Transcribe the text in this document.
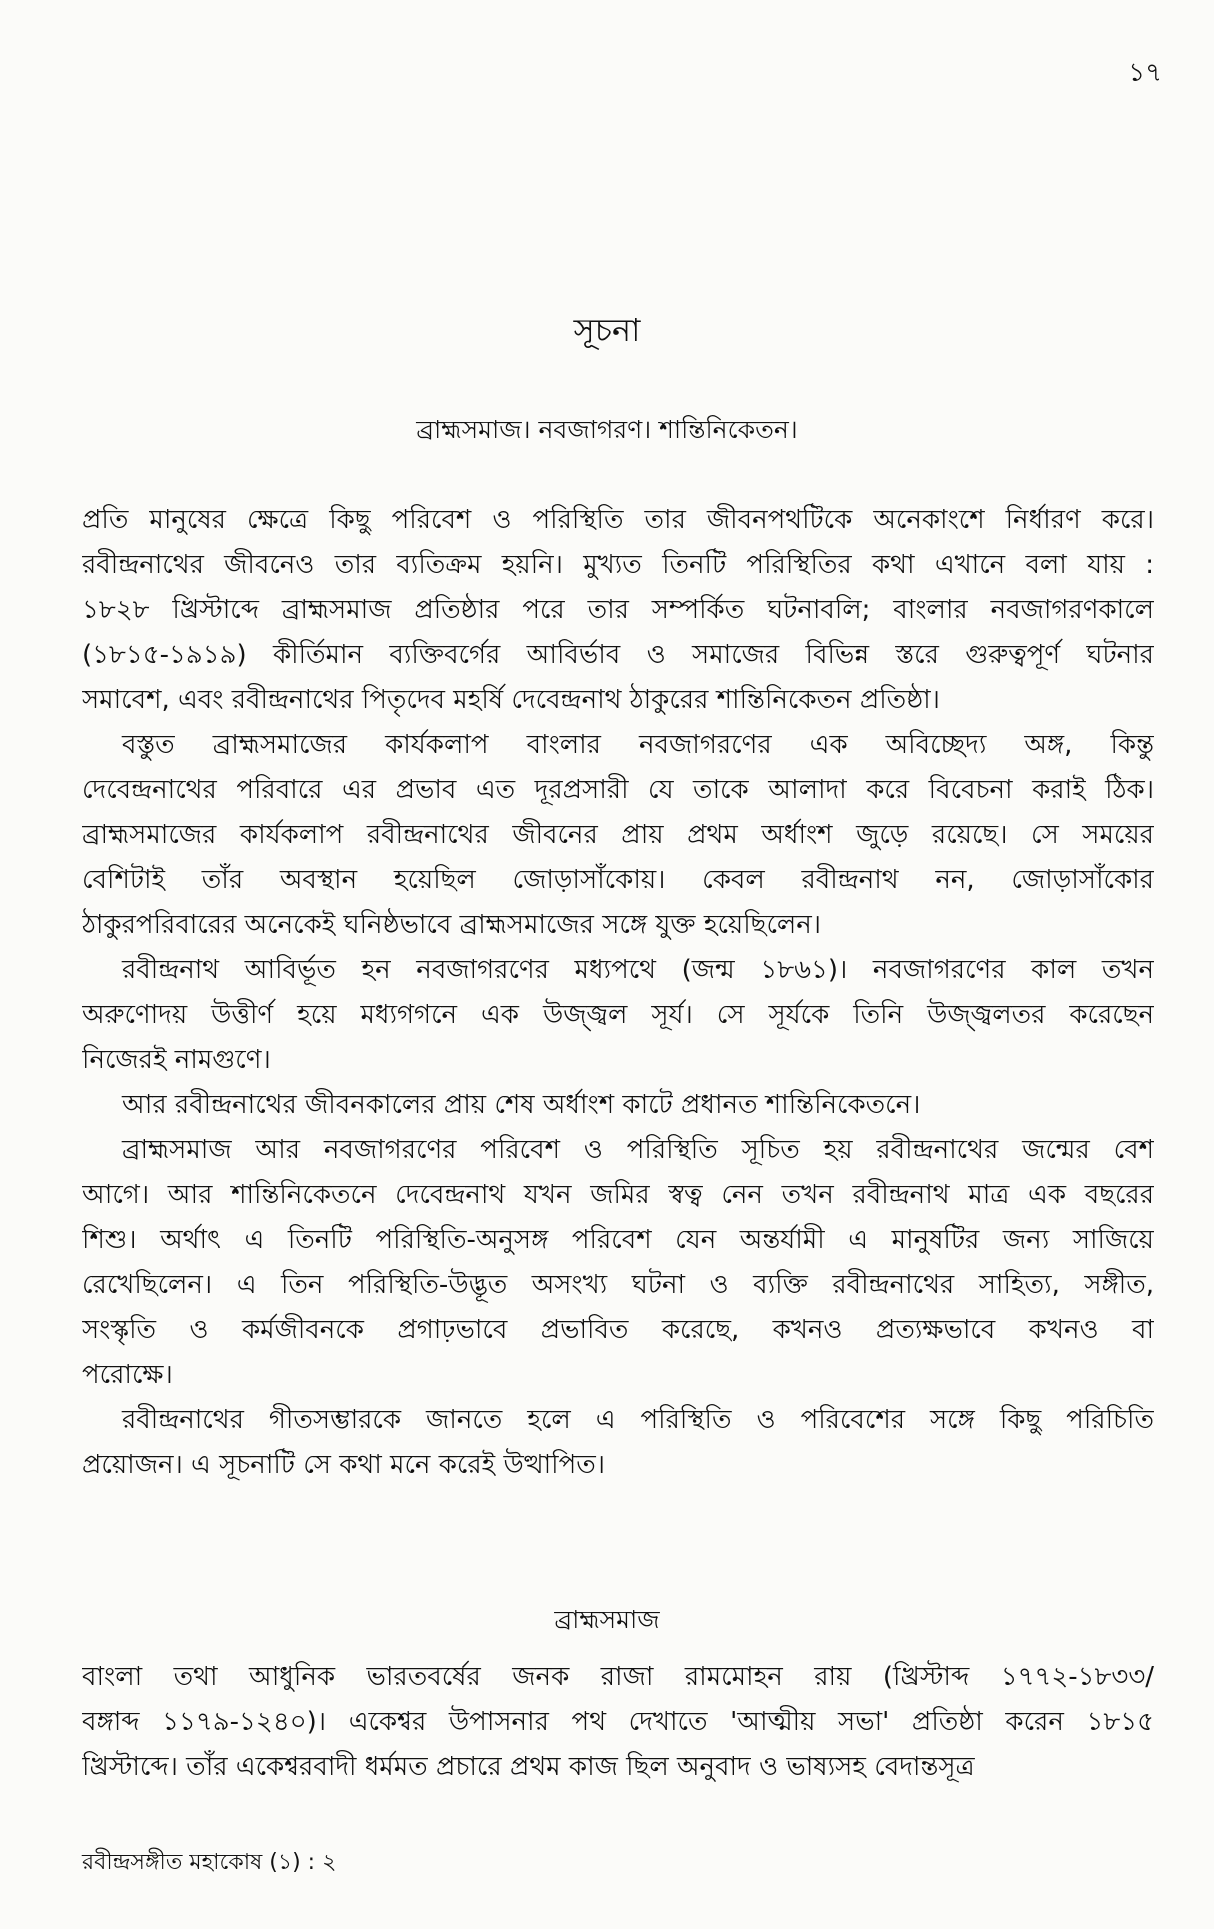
১৭
সূচনা
ব্রাহ্মসমাজ। নবজাগরণ। শান্তিনিকেতন।
প্রতি মানুষের ক্ষেত্রে কিছু পরিবেশ ও পরিস্থিতি তার জীবনপথটিকে অনেকাংশে নির্ধারণ করে।
রবীন্দ্রনাথের জীবনেও তার ব্যতিক্রম হয়নি। মুখ্যত তিনটি পরিস্থিতির কথা এখানে বলা যায় :
১৮২৮ খ্রিস্টাব্দে ব্রাহ্মসমাজ প্রতিষ্ঠার পরে তার সম্পর্কিত ঘটনাবলি; বাংলার নবজাগরণকালে
(১৮১৫-১৯১৯) কীর্তিমান ব্যক্তিবর্গের আবির্ভাব ও সমাজের বিভিন্ন স্তরে গুরুত্বপূর্ণ ঘটনার
সমাবেশ, এবং রবীন্দ্রনাথের পিতৃদেব মহর্ষি দেবেন্দ্রনাথ ঠাকুরের শান্তিনিকেতন প্রতিষ্ঠা।
বস্তুত ব্রাহ্মসমাজের কার্যকলাপ বাংলার নবজাগরণের এক অবিচ্ছেদ্য অঙ্গ, কিন্তু
দেবেন্দ্রনাথের পরিবারে এর প্রভাব এত দূরপ্রসারী যে তাকে আলাদা করে বিবেচনা করাই ঠিক।
ব্রাহ্মসমাজের কার্যকলাপ রবীন্দ্রনাথের জীবনের প্রায় প্রথম অর্ধাংশ জুড়ে রয়েছে। সে সময়ের
বেশিটাই তাঁর অবস্থান হয়েছিল জোড়াসাঁকোয়। কেবল রবীন্দ্রনাথ নন, জোড়াসাঁকোর
ঠাকুরপরিবারের অনেকেই ঘনিষ্ঠভাবে ব্রাহ্মসমাজের সঙ্গে যুক্ত হয়েছিলেন।
রবীন্দ্রনাথ আবির্ভূত হন নবজাগরণের মধ্যপথে (জন্ম ১৮৬১)। নবজাগরণের কাল তখন
অরুণোদয় উত্তীর্ণ হয়ে মধ্যগগনে এক উজ্জ্বল সূর্য। সে সূর্যকে তিনি উজ্জ্বলতর করেছেন
নিজেরই নামগুণে।
আর রবীন্দ্রনাথের জীবনকালের প্রায় শেষ অর্ধাংশ কাটে প্রধানত শান্তিনিকেতনে।
ব্রাহ্মসমাজ আর নবজাগরণের পরিবেশ ও পরিস্থিতি সূচিত হয় রবীন্দ্রনাথের জন্মের বেশ
আগে। আর শান্তিনিকেতনে দেবেন্দ্রনাথ যখন জমির স্বত্ব নেন তখন রবীন্দ্রনাথ মাত্র এক বছরের
শিশু। অর্থাৎ এ তিনটি পরিস্থিতি-অনুসঙ্গ পরিবেশ যেন অন্তর্যামী এ মানুষটির জন্য সাজিয়ে
রেখেছিলেন। এ তিন পরিস্থিতি-উদ্ভূত অসংখ্য ঘটনা ও ব্যক্তি রবীন্দ্রনাথের সাহিত্য, সঙ্গীত,
সংস্কৃতি ও কর্মজীবনকে প্রগাঢ়ভাবে প্রভাবিত করেছে, কখনও প্রত্যক্ষভাবে কখনও বা
পরোক্ষে।
রবীন্দ্রনাথের গীতসম্ভারকে জানতে হলে এ পরিস্থিতি ও পরিবেশের সঙ্গে কিছু পরিচিতি
প্রয়োজন। এ সূচনাটি সে কথা মনে করেই উত্থাপিত।
ব্রাহ্মসমাজ
বাংলা তথা আধুনিক ভারতবর্ষের জনক রাজা রামমোহন রায় (খ্রিস্টাব্দ ১৭৭২-১৮৩৩/
বঙ্গাব্দ ১১৭৯-১২৪০)। একেশ্বর উপাসনার পথ দেখাতে 'আত্মীয় সভা' প্রতিষ্ঠা করেন ১৮১৫
খ্রিস্টাব্দে। তাঁর একেশ্বরবাদী ধর্মমত প্রচারে প্রথম কাজ ছিল অনুবাদ ও ভাষ্যসহ বেদান্তসূত্র
রবীন্দ্রসঙ্গীত মহাকোষ (১) : ২
